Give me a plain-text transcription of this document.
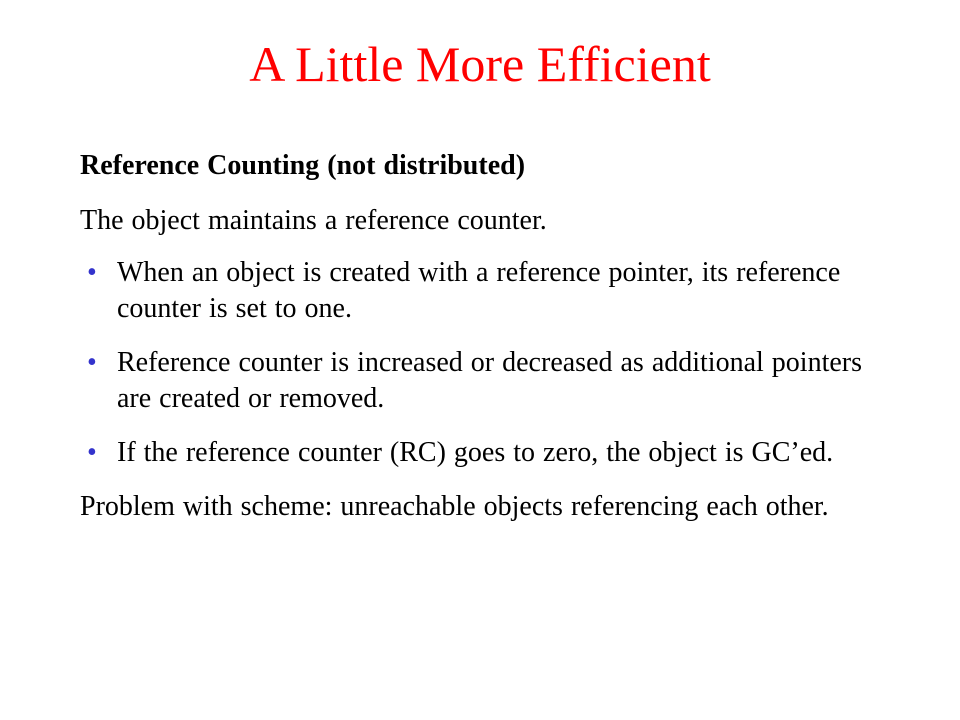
A Little More Efficient

Reference Counting (not distributed)

The object maintains a reference counter.

• When an object is created with a reference pointer, its reference counter is set to one.
• Reference counter is increased or decreased as additional pointers are created or removed.
• If the reference counter (RC) goes to zero, the object is GC’ed.

Problem with scheme: unreachable objects referencing each other.
